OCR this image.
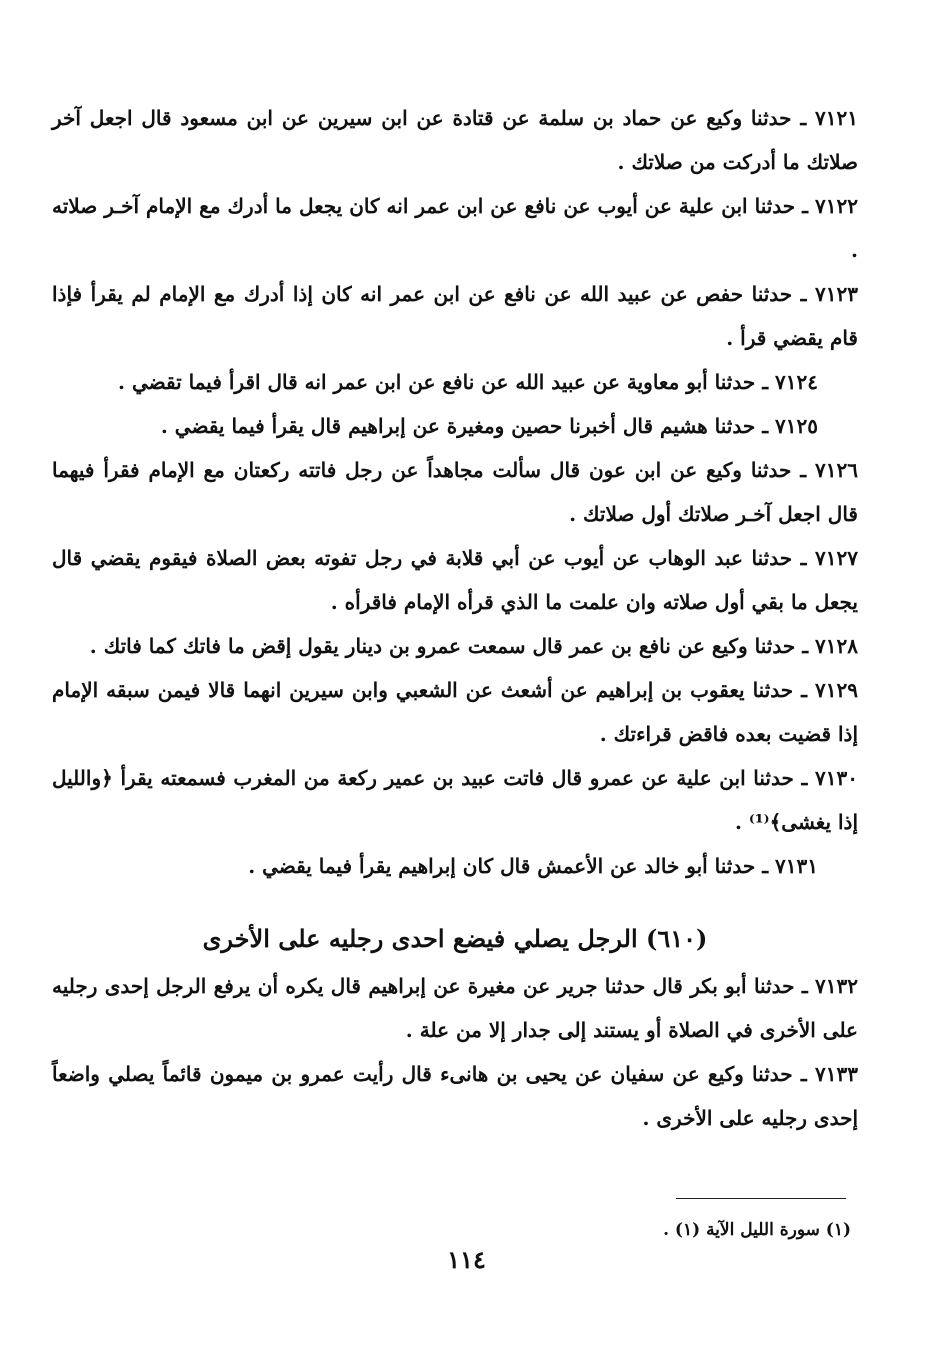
٧١٢١ ـ حدثنا وكيع عن حماد بن سلمة عن قتادة عن ابن سيرين عن ابن مسعود قال اجعل آخر صلاتك ما أدركت من صلاتك .

٧١٢٢ ـ حدثنا ابن علية عن أيوب عن نافع عن ابن عمر انه كان يجعل ما أدرك مع الإمام آخـر صلاته .

٧١٢٣ ـ حدثنا حفص عن عبيد الله عن نافع عن ابن عمر انه كان إذا أدرك مع الإمام لم يقرأ فإذا قام يقضي قرأ .

٧١٢٤ ـ حدثنا أبو معاوية عن عبيد الله عن نافع عن ابن عمر انه قال اقرأ فيما تقضي .

٧١٢٥ ـ حدثنا هشيم قال أخبرنا حصين ومغيرة عن إبراهيم قال يقرأ فيما يقضي .

٧١٢٦ ـ حدثنا وكيع عن ابن عون قال سألت مجاهداً عن رجل فاتته ركعتان مع الإمام فقرأ فيهما قال اجعل آخـر صلاتك أول صلاتك .

٧١٢٧ ـ حدثنا عبد الوهاب عن أيوب عن أبي قلابة في رجل تفوته بعض الصلاة فيقوم يقضي قال يجعل ما بقي أول صلاته وان علمت ما الذي قرأه الإمام فاقرأه .

٧١٢٨ ـ حدثنا وكيع عن نافع بن عمر قال سمعت عمرو بن دينار يقول إقض ما فاتك كما فاتك .

٧١٢٩ ـ حدثنا يعقوب بن إبراهيم عن أشعث عن الشعبي وابن سيرين انهما قالا فيمن سبقه الإمام إذا قضيت بعده فاقض قراءتك .

٧١٣٠ ـ حدثنا ابن علية عن عمرو قال فاتت عبيد بن عمير ركعة من المغرب فسمعته يقرأ ﴿والليل إذا يغشى﴾⁽¹⁾ .

٧١٣١ ـ حدثنا أبو خالد عن الأعمش قال كان إبراهيم يقرأ فيما يقضي .

(٦١٠) الرجل يصلي فيضع احدى رجليه على الأخرى

٧١٣٢ ـ حدثنا أبو بكر قال حدثنا جرير عن مغيرة عن إبراهيم قال يكره أن يرفع الرجل إحدى رجليه على الأخرى في الصلاة أو يستند إلى جدار إلا من علة .

٧١٣٣ ـ حدثنا وكيع عن سفيان عن يحيى بن هانىء قال رأيت عمرو بن ميمون قائماً يصلي واضعاً إحدى رجليه على الأخرى .

(١) سورة الليل الآية (١) .
١١٤
